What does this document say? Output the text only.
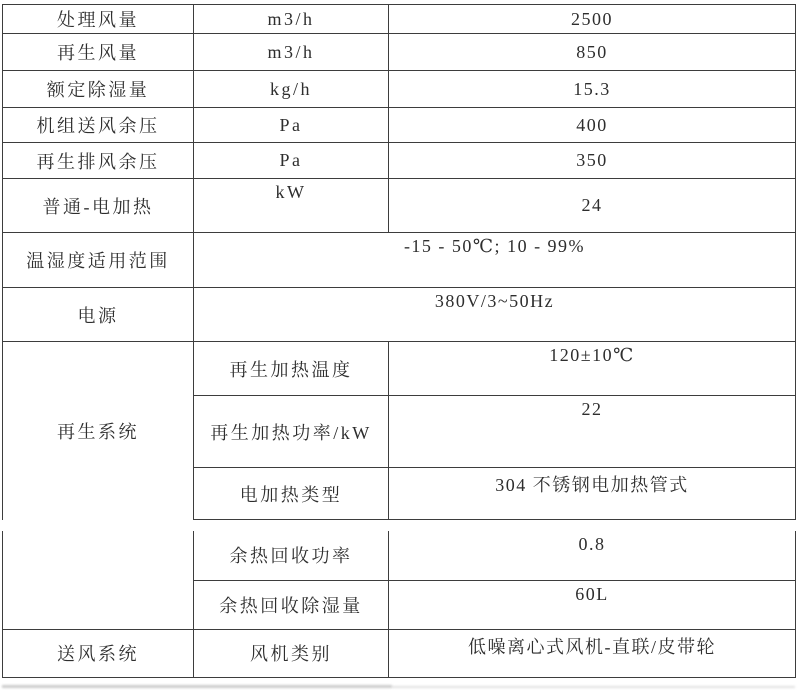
处理风量	m3/h	2500
再生风量	m3/h	850
额定除湿量	kg/h	15.3
机组送风余压	Pa	400
再生排风余压	Pa	350
普通-电加热	kW	24
温湿度适用范围	-15 - 50℃; 10 - 99%	
电源	380V/3~50Hz	
再生系统	再生加热温度	120±10℃
	再生加热功率/kW	22
	电加热类型	304 不锈钢电加热管式
	余热回收功率	0.8
	余热回收除湿量	60L
送风系统	风机类别	低噪离心式风机-直联/皮带轮
